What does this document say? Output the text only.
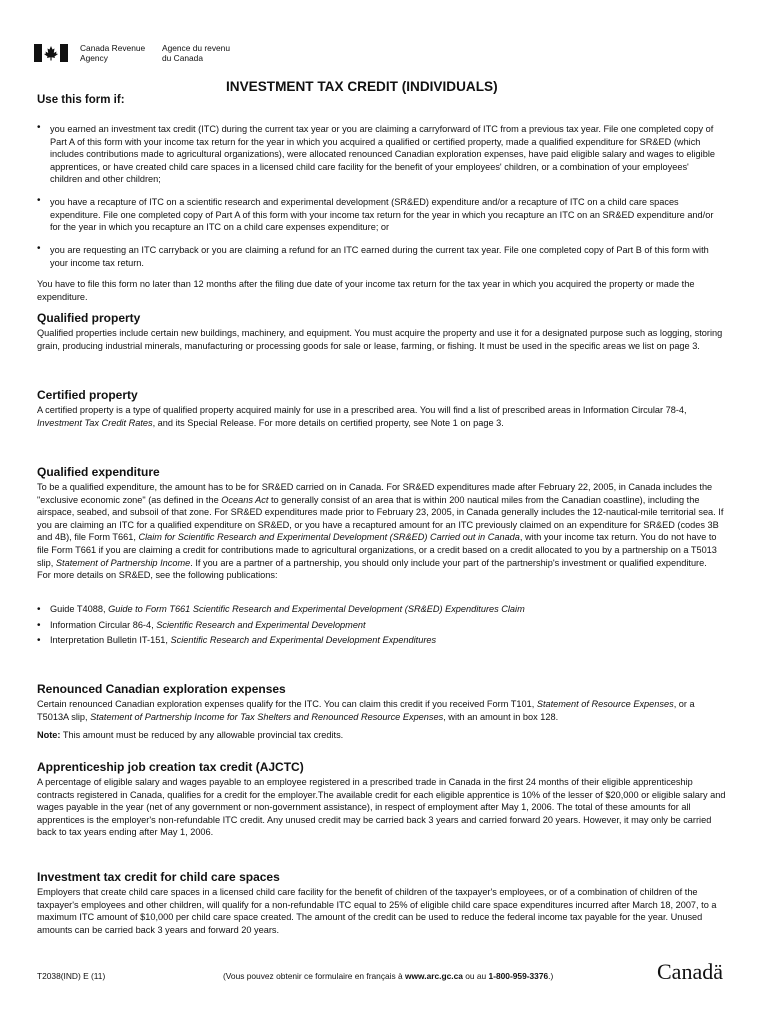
Canada Revenue
Agency
Agence du revenu
du Canada
INVESTMENT TAX CREDIT (INDIVIDUALS)
Use this form if:
• you earned an investment tax credit (ITC) during the current tax year or you are claiming a carryforward of ITC from a previous tax year. File one completed copy of Part A of this form with your income tax return for the year in which you acquired a qualified or certified property, made a qualified expenditure for SR&ED (which includes contributions made to agricultural organizations), were allocated renounced Canadian exploration expenses, have paid eligible salary and wages to eligible apprentices, or have created child care spaces in a licensed child care facility for the benefit of your employees' children, or a combination of your employees' children and other children;

• you have a recapture of ITC on a scientific research and experimental development (SR&ED) expenditure and/or a recapture of ITC on a child care spaces expenditure. File one completed copy of Part A of this form with your income tax return for the year in which you recapture an ITC on an SR&ED expenditure and/or for the year in which you recapture an ITC on a child care expenses expenditure; or

• you are requesting an ITC carryback or you are claiming a refund for an ITC earned during the current tax year. File one completed copy of Part B of this form with your income tax return.

You have to file this form no later than 12 months after the filing due date of your income tax return for the tax year in which you acquired the property or made the expenditure.

Qualified property

Qualified properties include certain new buildings, machinery, and equipment. You must acquire the property and use it for a designated purpose such as logging, storing grain, producing industrial minerals, manufacturing or processing goods for sale or lease, farming, or fishing. It must be used in the specific areas we list on page 3.

Certified property

A certified property is a type of qualified property acquired mainly for use in a prescribed area. You will find a list of prescribed areas in Information Circular 78-4, Investment Tax Credit Rates, and its Special Release. For more details on certified property, see Note 1 on page 3.

Qualified expenditure

To be a qualified expenditure, the amount has to be for SR&ED carried on in Canada. For SR&ED expenditures made after February 22, 2005, in Canada includes the "exclusive economic zone" (as defined in the Oceans Act to generally consist of an area that is within 200 nautical miles from the Canadian coastline), including the airspace, seabed, and subsoil of that zone. For SR&ED expenditures made prior to February 23, 2005, in Canada generally includes the 12-nautical-mile territorial sea. If you are claiming an ITC for a qualified expenditure on SR&ED, or you have a recaptured amount for an ITC previously claimed on an expenditure for SR&ED (codes 3B and 4B), file Form T661, Claim for Scientific Research and Experimental Development (SR&ED) Carried out in Canada, with your income tax return. You do not have to file Form T661 if you are claiming a credit for contributions made to agricultural organizations, or a credit based on a credit allocated to you by a partnership on a T5013 slip, Statement of Partnership Income. If you are a partner of a partnership, you should only include your part of the partnership's investment or qualified expenditure.
For more details on SR&ED, see the following publications:

• Guide T4088, Guide to Form T661 Scientific Research and Experimental Development (SR&ED) Expenditures Claim
• Information Circular 86-4, Scientific Research and Experimental Development
• Interpretation Bulletin IT-151, Scientific Research and Experimental Development Expenditures
Renounced Canadian exploration expenses

Certain renounced Canadian exploration expenses qualify for the ITC. You can claim this credit if you received Form T101, Statement of Resource Expenses, or a T5013A slip, Statement of Partnership Income for Tax Shelters and Renounced Resource Expenses, with an amount in box 128.

Note: This amount must be reduced by any allowable provincial tax credits.

Apprenticeship job creation tax credit (AJCTC)

A percentage of eligible salary and wages payable to an employee registered in a prescribed trade in Canada in the first 24 months of their eligible apprenticeship contracts registered in Canada, qualifies for a credit for the employer.The available credit for each eligible apprentice is 10% of the lesser of $20,000 or eligible salary and wages payable in the year (net of any government or non-government assistance), in respect of employment after May 1, 2006. The total of these amounts for all apprentices is the employer's non-refundable ITC credit. Any unused credit may be carried back 3 years and carried forward 20 years. However, it may only be carried back to tax years ending after May 1, 2006.

Investment tax credit for child care spaces

Employers that create child care spaces in a licensed child care facility for the benefit of children of the taxpayer's employees, or of a combination of children of the taxpayer's employees and other children, will qualify for a non-refundable ITC equal to 25% of eligible child care space expenditures incurred after March 18, 2007, to a maximum ITC amount of $10,000 per child care space created. The amount of the credit can be used to reduce the federal income tax payable for the year. Unused amounts can be carried back 3 years and forward 20 years.

T2038(IND) E (11)	(Vous pouvez obtenir ce formulaire en français à www.arc.gc.ca ou au 1-800-959-3376.)	Canadä
